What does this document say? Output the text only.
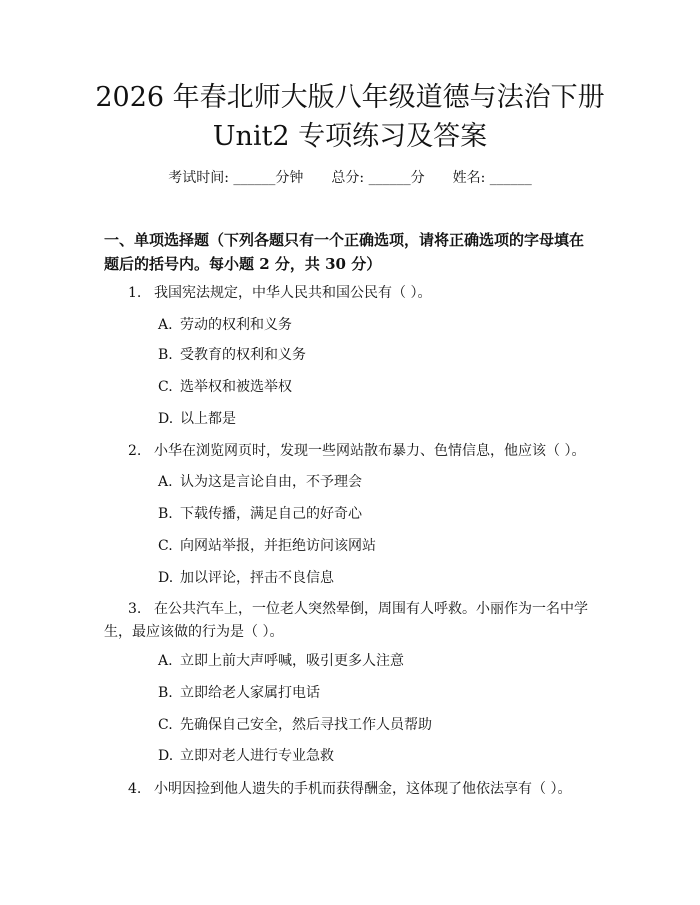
2026 年春北师大版八年级道德与法治下册
Unit2 专项练习及答案
考试时间: ______分钟 总分: ______分 姓名: ______
一、单项选择题（下列各题只有一个正确选项，请将正确选项的字母填在题后的括号内。每小题 2 分，共 30 分）
1. 我国宪法规定，中华人民共和国公民有（ ）。
A. 劳动的权利和义务
B. 受教育的权利和义务
C. 选举权和被选举权
D. 以上都是
2. 小华在浏览网页时，发现一些网站散布暴力、色情信息，他应该（ ）。
A. 认为这是言论自由，不予理会
B. 下载传播，满足自己的好奇心
C. 向网站举报，并拒绝访问该网站
D. 加以评论，抨击不良信息
3. 在公共汽车上，一位老人突然晕倒，周围有人呼救。小丽作为一名中学生，最应该做的行为是（ ）。
A. 立即上前大声呼喊，吸引更多人注意
B. 立即给老人家属打电话
C. 先确保自己安全，然后寻找工作人员帮助
D. 立即对老人进行专业急救
4. 小明因捡到他人遗失的手机而获得酬金，这体现了他依法享有（ ）。
